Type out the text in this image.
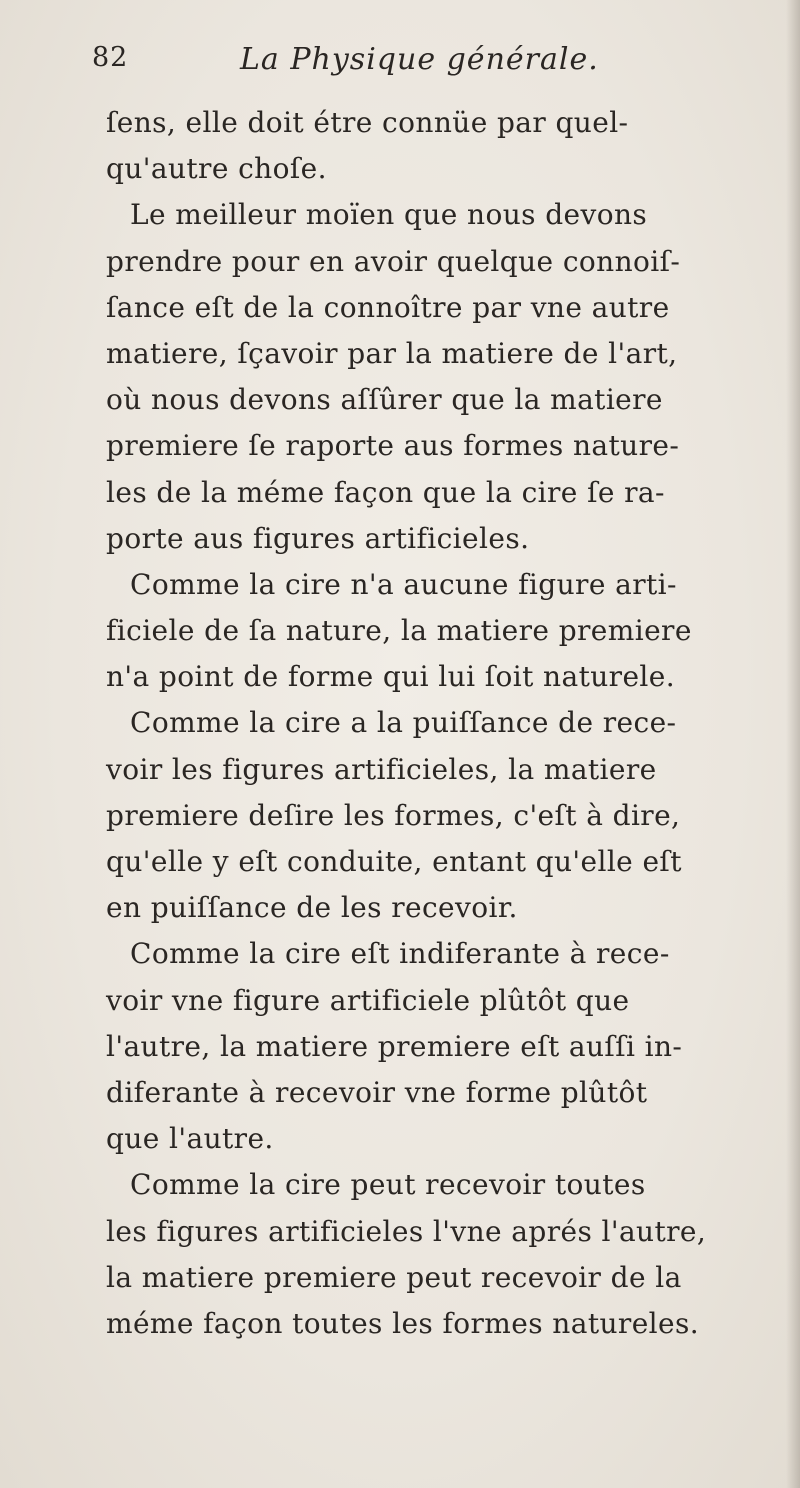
82	La Physique générale.
ſens, elle doit étre connüe par quel-
qu'autre choſe.
Le meilleur moïen que nous devons
prendre pour en avoir quelque connoiſ-
ſance eſt de la connoître par vne autre
matiere, ſçavoir par la matiere de l'art,
où nous devons aſſûrer que la matiere
premiere ſe raporte aus formes nature-
les de la méme façon que la cire ſe ra-
porte aus figures artificieles.
Comme la cire n'a aucune figure arti-
ficiele de ſa nature, la matiere premiere
n'a point de forme qui lui ſoit naturele.
Comme la cire a la puiſſance de rece-
voir les figures artificieles, la matiere
premiere deſire les formes, c'eſt à dire,
qu'elle y eſt conduite, entant qu'elle eſt
en puiſſance de les recevoir.
Comme la cire eſt indiferante à rece-
voir vne figure artificiele plûtôt que
l'autre, la matiere premiere eſt auſſi in-
diferante à recevoir vne forme plûtôt
que l'autre.
Comme la cire peut recevoir toutes
les figures artificieles l'vne aprés l'autre,
la matiere premiere peut recevoir de la
méme façon toutes les formes natureles.
